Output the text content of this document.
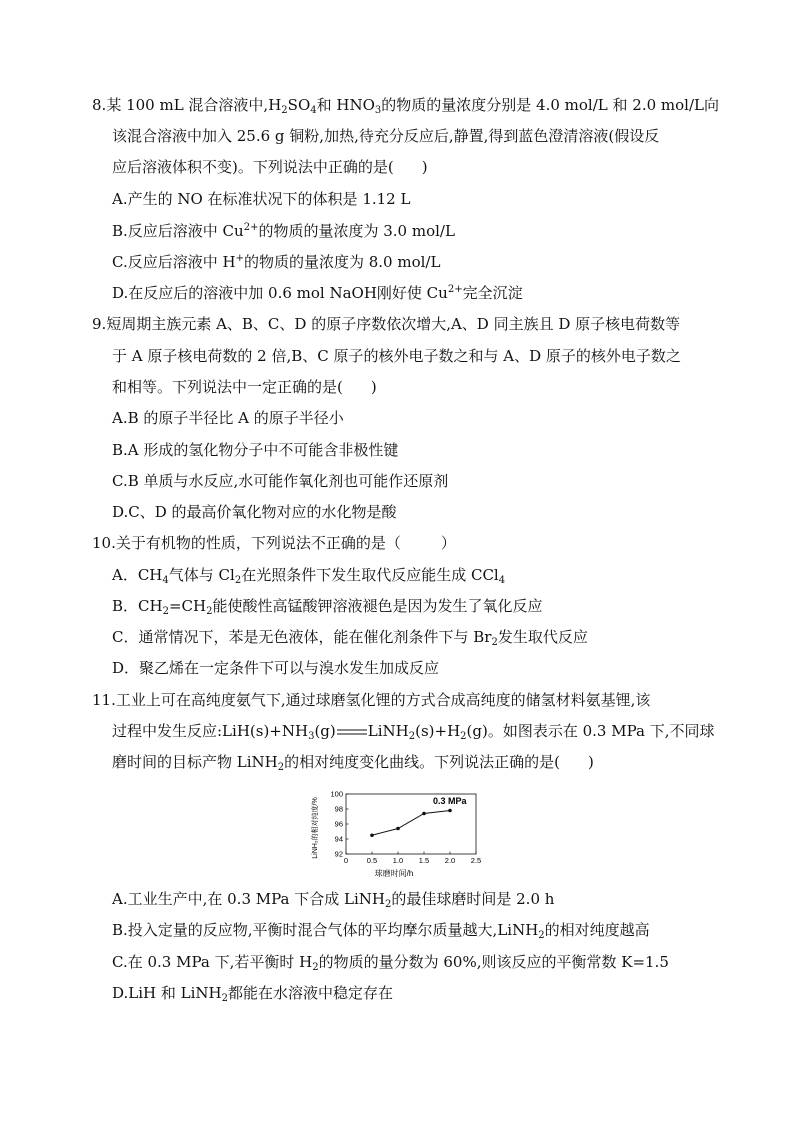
8.某 100 mL 混合溶液中$,H_2SO_4$和 $HNO_3$的物质的量浓度分别是 4.0 mol/L 和 2.0 mol/L向
该混合溶液中加入 25.6 g 铜粉,加热,待充分反应后,静置,得到蓝色澄清溶液(假设反
应后溶液体积不变)。下列说法中正确的是( )
A.产生的 NO 在标准状况下的体积是 1.12 L
B.反应后溶液中 $Cu^{2+}$的物质的量浓度为 3.0 mol/L
C.反应后溶液中 H+的物质的量浓度为 8.0 mol/L
D.在反应后的溶液中加 0.6 mol NaOH刚好使 $Cu^{2+}$完全沉淀
9.短周期主族元素 A、B、C、D 的原子序数依次增大,A、D 同主族且 D 原子核电荷数等
于 A 原子核电荷数的 2 倍,B、C 原子的核外电子数之和与 A、D 原子的核外电子数之
和相等。下列说法中一定正确的是( )
A.B 的原子半径比 A 的原子半径小
B.A 形成的氢化物分子中不可能含非极性键
C.B 单质与水反应,水可能作氧化剂也可能作还原剂
D.C、D 的最高价氧化物对应的水化物是酸
10.关于有机物的性质，下列说法不正确的是（	）
A．$CH_4$气体与 $Cl_2$在光照条件下发生取代反应能生成 CCl$_4$
B．$CH_2=CH_2$能使酸性高锰酸钾溶液褪色是因为发生了氧化反应
C．通常情况下，苯是无色液体，能在催化剂条件下与 $Br_2$发生取代反应
D．聚乙烯在一定条件下可以与溴水发生加成反应
11.工业上可在高纯度氨气下,通过球磨氢化锂的方式合成高纯度的储氢材料氨基锂,该
过程中发生反应$:LiH(s)+NH_3(g)$ $LiNH_2(s)+H_2(g)$。如图表示在 0.3 MPa 下,不同球
磨时间的目标产物 LiNH$_2$的相对纯度变化曲线。下列说法正确的是( )
0 0.5 1.0 1.5 2.0 2.5
92
94
96
98
100
0.3 MPa
球磨时间/h
LiNH₂的相对纯度/%
A.工业生产中,在 0.3 MPa 下合成 LiNH$_2$的最佳球磨时间是 2.0 h
B.投入定量的反应物,平衡时混合气体的平均摩尔质量越大,LiNH$_2$的相对纯度越高
C.在 0.3 MPa 下,若平衡时 $H_2$的物质的量分数为 60%,则该反应的平衡常数 K=1.5
D.LiH 和 LiNH$_2$都能在水溶液中稳定存在
